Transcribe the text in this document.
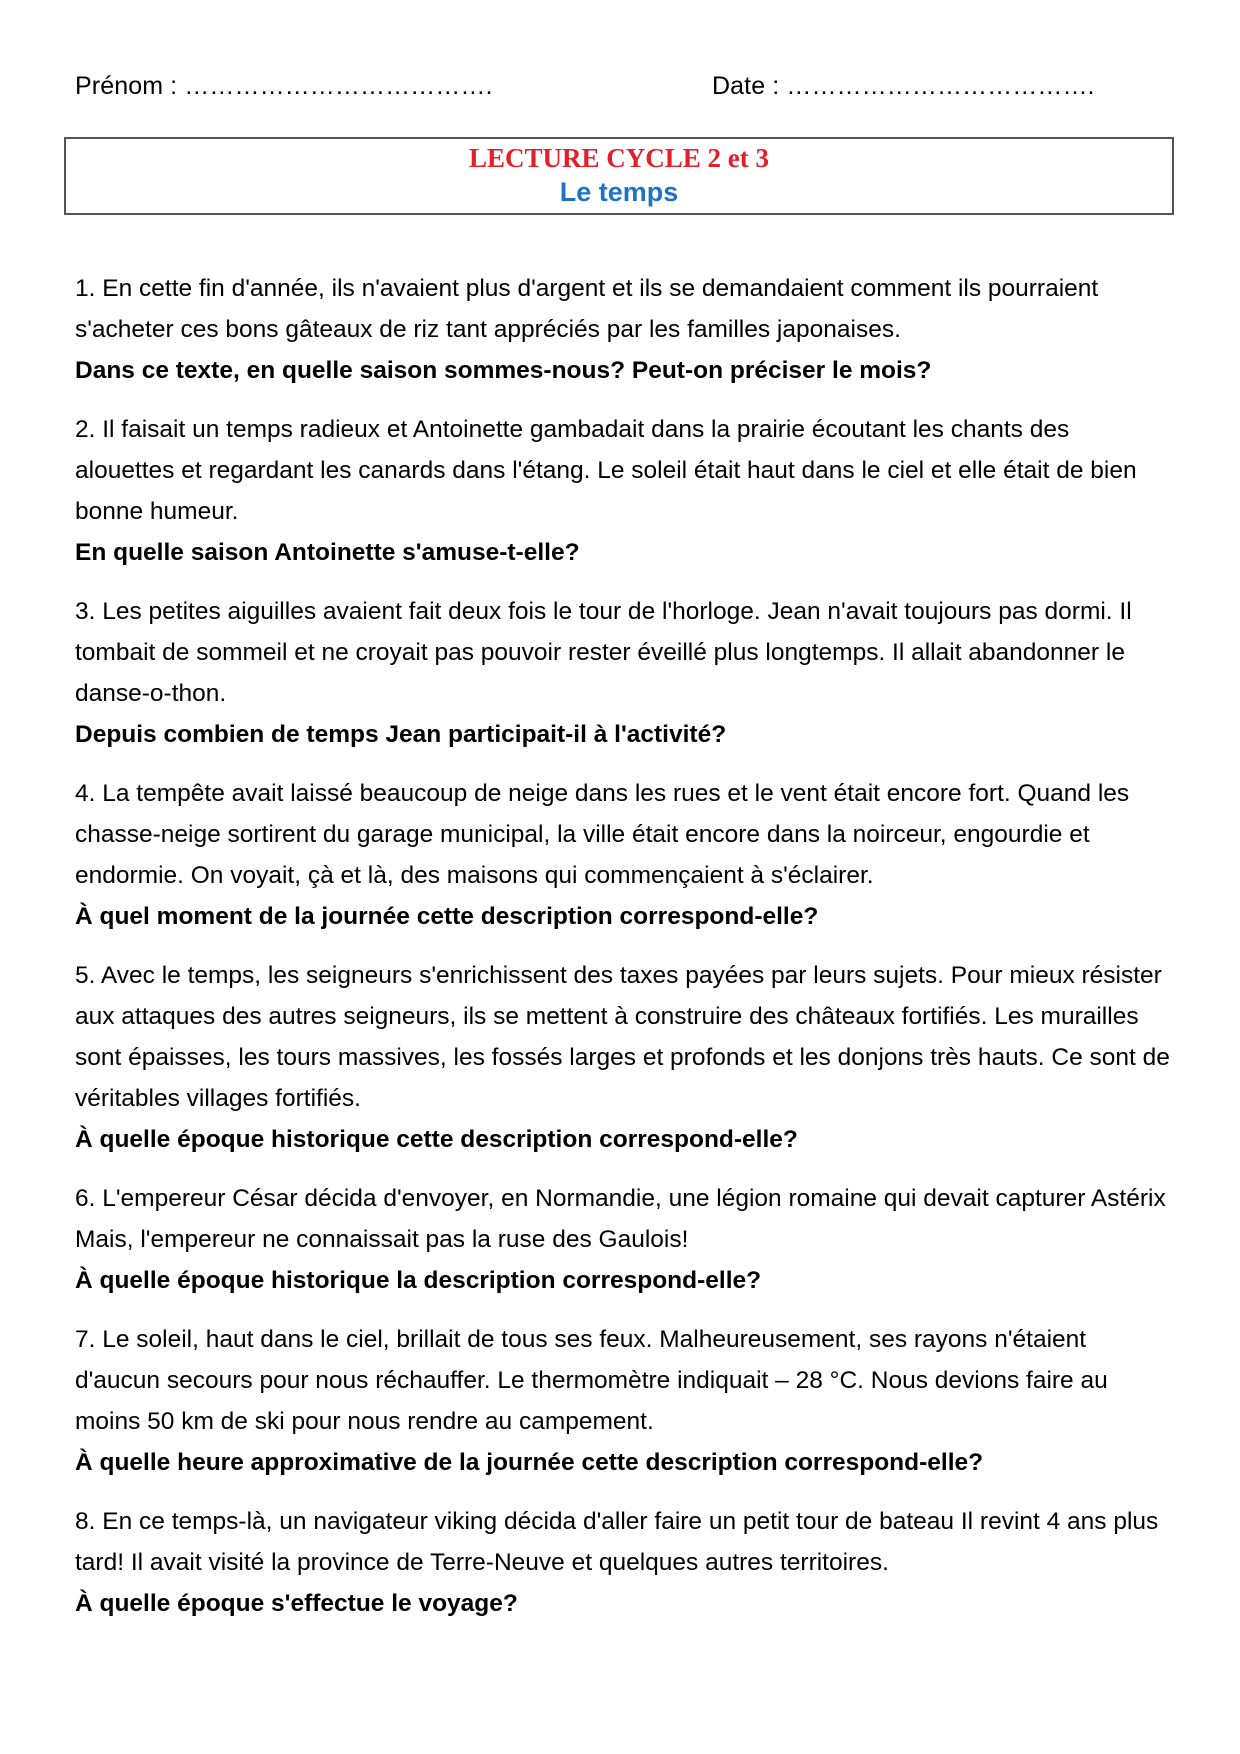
Prénom : ……………………………….	Date : ……………………………….
LECTURE CYCLE 2 et 3
Le temps
1. En cette fin d'année, ils n'avaient plus d'argent et ils se demandaient comment ils pourraient s'acheter ces bons gâteaux de riz tant appréciés par les familles japonaises.
Dans ce texte, en quelle saison sommes-nous? Peut-on préciser le mois?
2. Il faisait un temps radieux et Antoinette gambadait dans la prairie écoutant les chants des alouettes et regardant les canards dans l'étang. Le soleil était haut dans le ciel et elle était de bien bonne humeur.
En quelle saison Antoinette s'amuse-t-elle?
3. Les petites aiguilles avaient fait deux fois le tour de l'horloge. Jean n'avait toujours pas dormi. Il tombait de sommeil et ne croyait pas pouvoir rester éveillé plus longtemps. Il allait abandonner le danse-o-thon.
Depuis combien de temps Jean participait-il à l'activité?
4. La tempête avait laissé beaucoup de neige dans les rues et le vent était encore fort. Quand les chasse-neige sortirent du garage municipal, la ville était encore dans la noirceur, engourdie et endormie. On voyait, çà et là, des maisons qui commençaient à s'éclairer.
À quel moment de la journée cette description correspond-elle?
5. Avec le temps, les seigneurs s'enrichissent des taxes payées par leurs sujets. Pour mieux résister aux attaques des autres seigneurs, ils se mettent à construire des châteaux fortifiés. Les murailles sont épaisses, les tours massives, les fossés larges et profonds et les donjons très hauts. Ce sont de véritables villages fortifiés.
À quelle époque historique cette description correspond-elle?
6. L'empereur César décida d'envoyer, en Normandie, une légion romaine qui devait capturer Astérix Mais, l'empereur ne connaissait pas la ruse des Gaulois!
À quelle époque historique la description correspond-elle?
7. Le soleil, haut dans le ciel, brillait de tous ses feux. Malheureusement, ses rayons n'étaient d'aucun secours pour nous réchauffer. Le thermomètre indiquait – 28 °C. Nous devions faire au moins 50 km de ski pour nous rendre au campement.
À quelle heure approximative de la journée cette description correspond-elle?
8. En ce temps-là, un navigateur viking décida d'aller faire un petit tour de bateau Il revint 4 ans plus tard! Il avait visité la province de Terre-Neuve et quelques autres territoires.
À quelle époque s'effectue le voyage?
